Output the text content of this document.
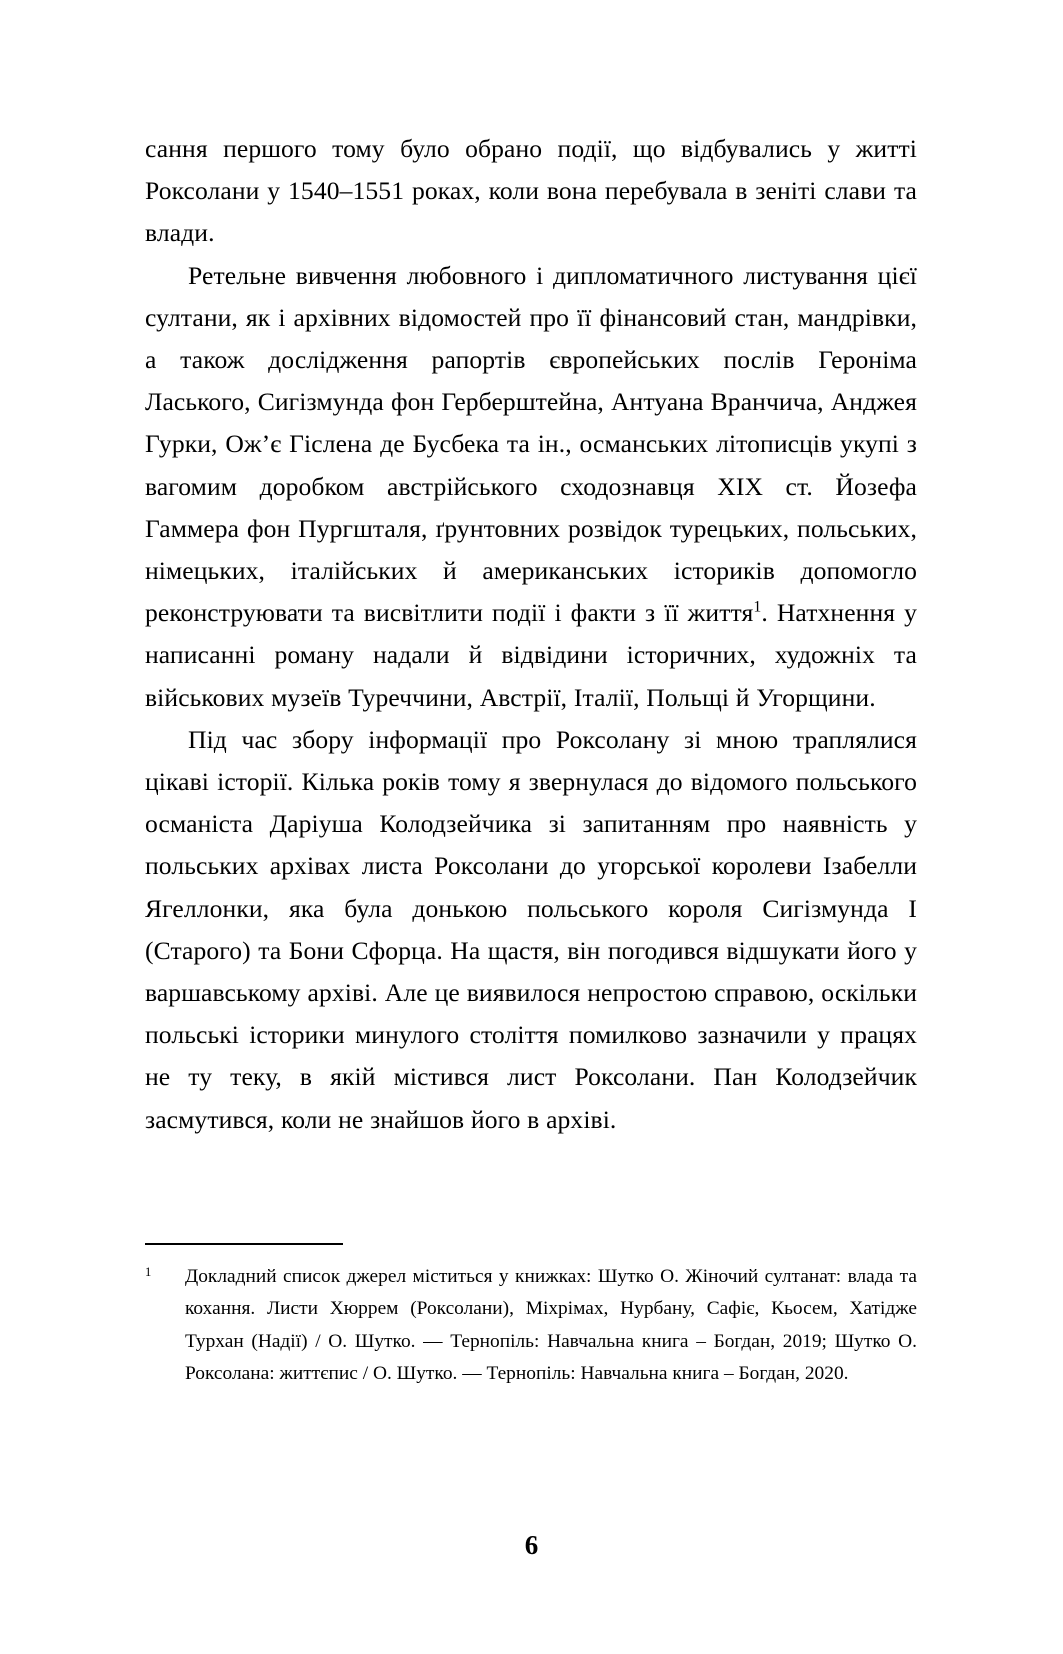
сання першого тому було обрано події, що відбувались у житті Роксолани у 1540–1551 роках, коли вона перебувала в зеніті слави та влади.

Ретельне вивчення любовного і дипломатичного листування цієї султани, як і архівних відомостей про її фінансовий стан, мандрівки, а також дослідження рапортів європейських послів Героніма Ласького, Сигізмунда фон Герберштейна, Антуана Вранчича, Анджея Гурки, Ож’є Гіслена де Бусбека та ін., османських літописців укупі з вагомим доробком австрійського сходознавця XIX ст. Йозефа Гаммера фон Пургшталя, ґрунтовних розвідок турецьких, польських, німецьких, італійських й американських істориків допомогло реконструювати та висвітлити події і факти з її життя$^1$. Натхнення у написанні роману надали й відвідини історичних, художніх та військових музеїв Туреччини, Австрії, Італії, Польщі й Угорщини.

Під час збору інформації про Роксолану зі мною траплялися цікаві історії. Кілька років тому я звернулася до відомого польського османіста Даріуша Колодзейчика зі запитанням про наявність у польських архівах листа Роксолани до угорської королеви Ізабелли Ягеллонки, яка була донькою польського короля Сигізмунда I (Старого) та Бони Сфорца. На щастя, він погодився відшукати його у варшавському архіві. Але це виявилося непростою справою, оскільки польські історики минулого століття помилково зазначили у працях не ту теку, в якій містився лист Роксолани. Пан Колодзейчик засмутився, коли не знайшов його в архіві.

1 Докладний список джерел міститься у книжках: Шутко О. Жіночий султанат: влада та кохання. Листи Хюррем (Роксолани), Міхрімах, Нурбану, Сафіє, Кьосем, Хатідже Турхан (Надії) / О. Шутко. — Тернопіль: Навчальна книга – Богдан, 2019; Шутко О. Роксолана: життєпис / О. Шутко. — Тернопіль: Навчальна книга – Богдан, 2020.

6
